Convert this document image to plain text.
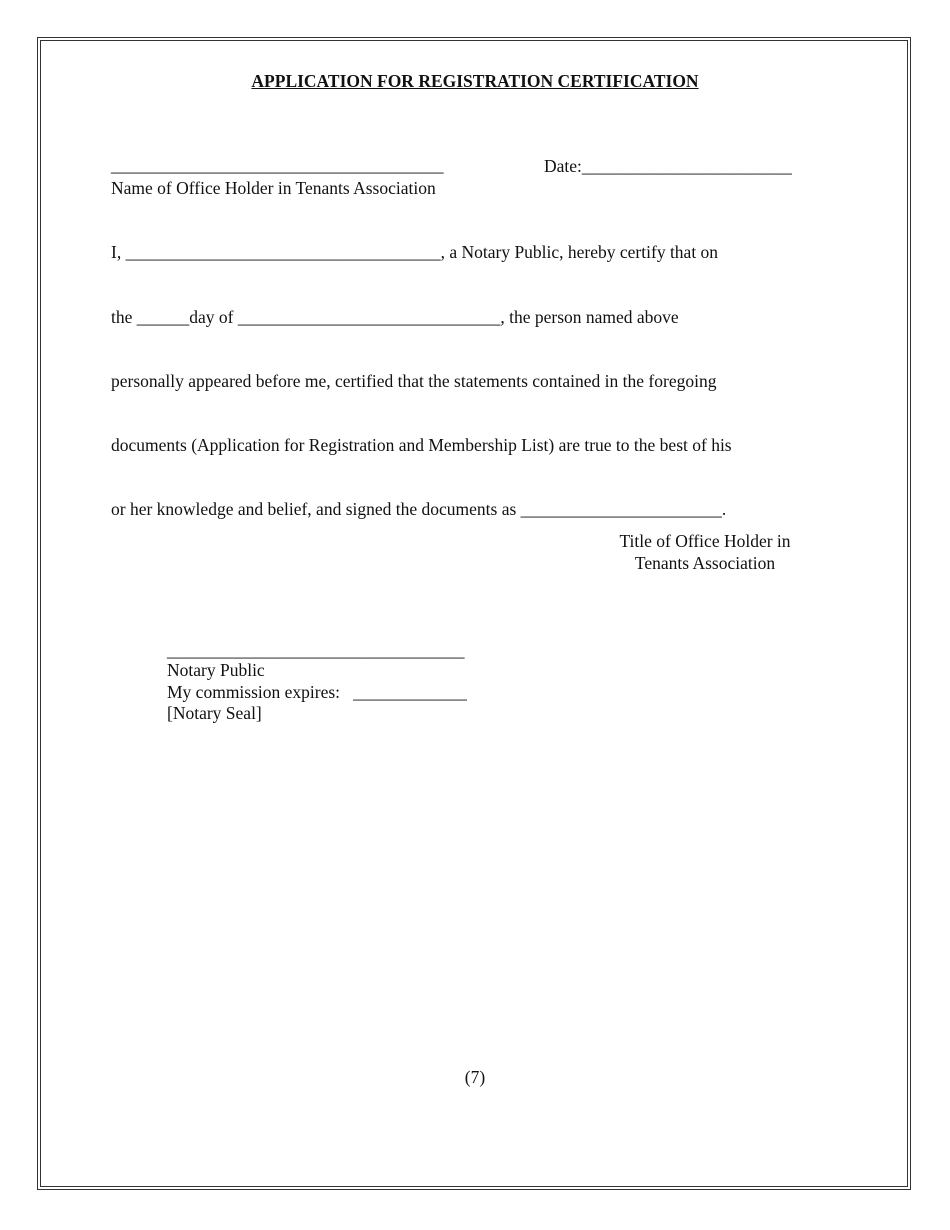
APPLICATION FOR REGISTRATION CERTIFICATION
______________________________________	Date:________________________
Name of Office Holder in Tenants Association
I, ____________________________________, a Notary Public, hereby certify that on
the ______day of ______________________________, the person named above
personally appeared before me, certified that the statements contained in the foregoing
documents (Application for Registration and Membership List) are true to the best of his
or her knowledge and belief, and signed the documents as _______________________.
Title of Office Holder in
Tenants Association
__________________________________
Notary Public
My commission expires:   _____________
[Notary Seal]
(7)
